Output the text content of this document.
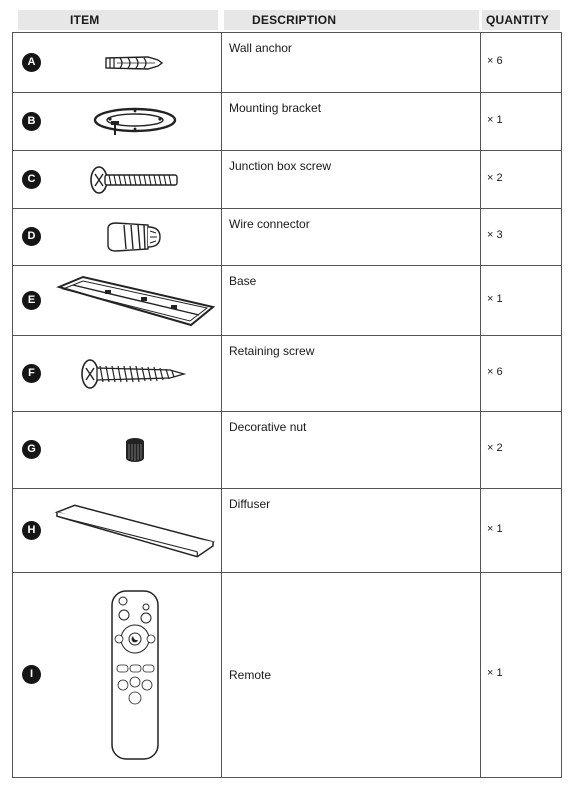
ITEM	DESCRIPTION	QUANTITY
A	Wall anchor	× 6

B	Mounting bracket	× 1

C	Junction box screw	× 2

D	Wire connector	× 3

E	Base	× 1

F	Retaining screw	× 6

G	Decorative nut	× 2

H	Diffuser	× 1

I	Remote	× 1
